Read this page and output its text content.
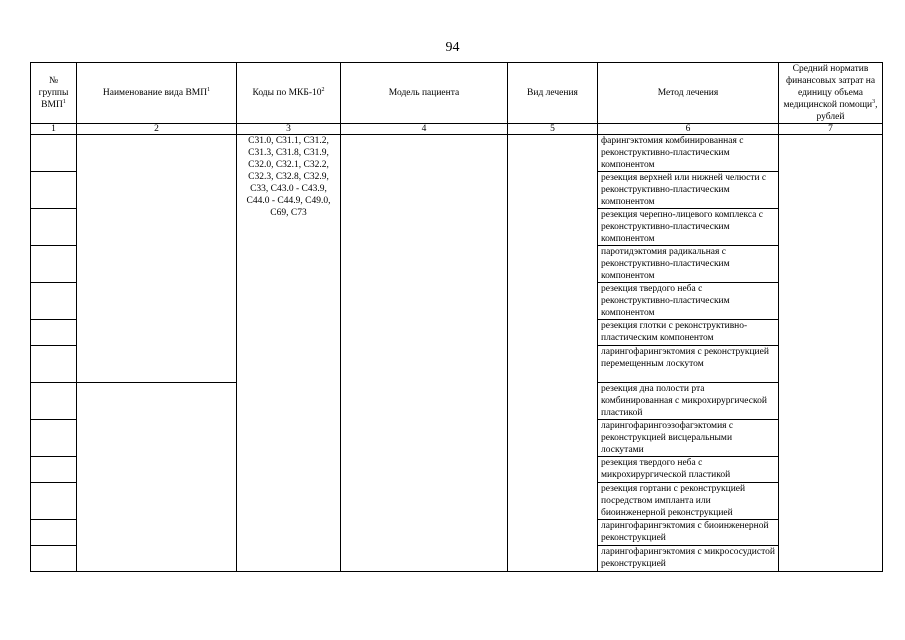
94
№ группы ВМП$^1$	Наименование вида ВМП$^1$	Коды по МКБ-$10^2$	Модель пациента	Вид лечения	Метод лечения	Средний норматив финансовых затрат на единицу объема медицинской помощи$^3$, рублей
1	2	3	4	5	6	7
		C31.0, C31.1, C31.2, C31.3, C31.8, C31.9, C32.0, C32.1, C32.2, C32.3, C32.8, C32.9, C33, C43.0 - C43.9, C44.0 - C44.9, C49.0, C69, C73			фарингэктомия комбинированная с реконструктивно-пластическим компонентом	
					резекция верхней или нижней челюсти с реконструктивно-пластическим компонентом	
					резекция черепно-лицевого комплекса с реконструктивно-пластическим компонентом	
					паротидэктомия радикальная с реконструктивно-пластическим компонентом	
					резекция твердого неба с реконструктивно-пластическим компонентом	
					резекция глотки с реконструктивно-пластическим компонентом	
					ларингофарингэктомия с реконструкцией перемещенным лоскутом	
					резекция дна полости рта комбинированная с микрохирургической пластикой	
					ларингофарингоэзофагэктомия с реконструкцией висцеральными лоскутами	
					резекция твердого неба с микрохирургической пластикой	
					резекция гортани с реконструкцией посредством импланта или биоинженерной реконструкцией	
					ларингофарингэктомия с биоинженерной реконструкцией	
					ларингофарингэктомия с микрососудистой реконструкцией	
